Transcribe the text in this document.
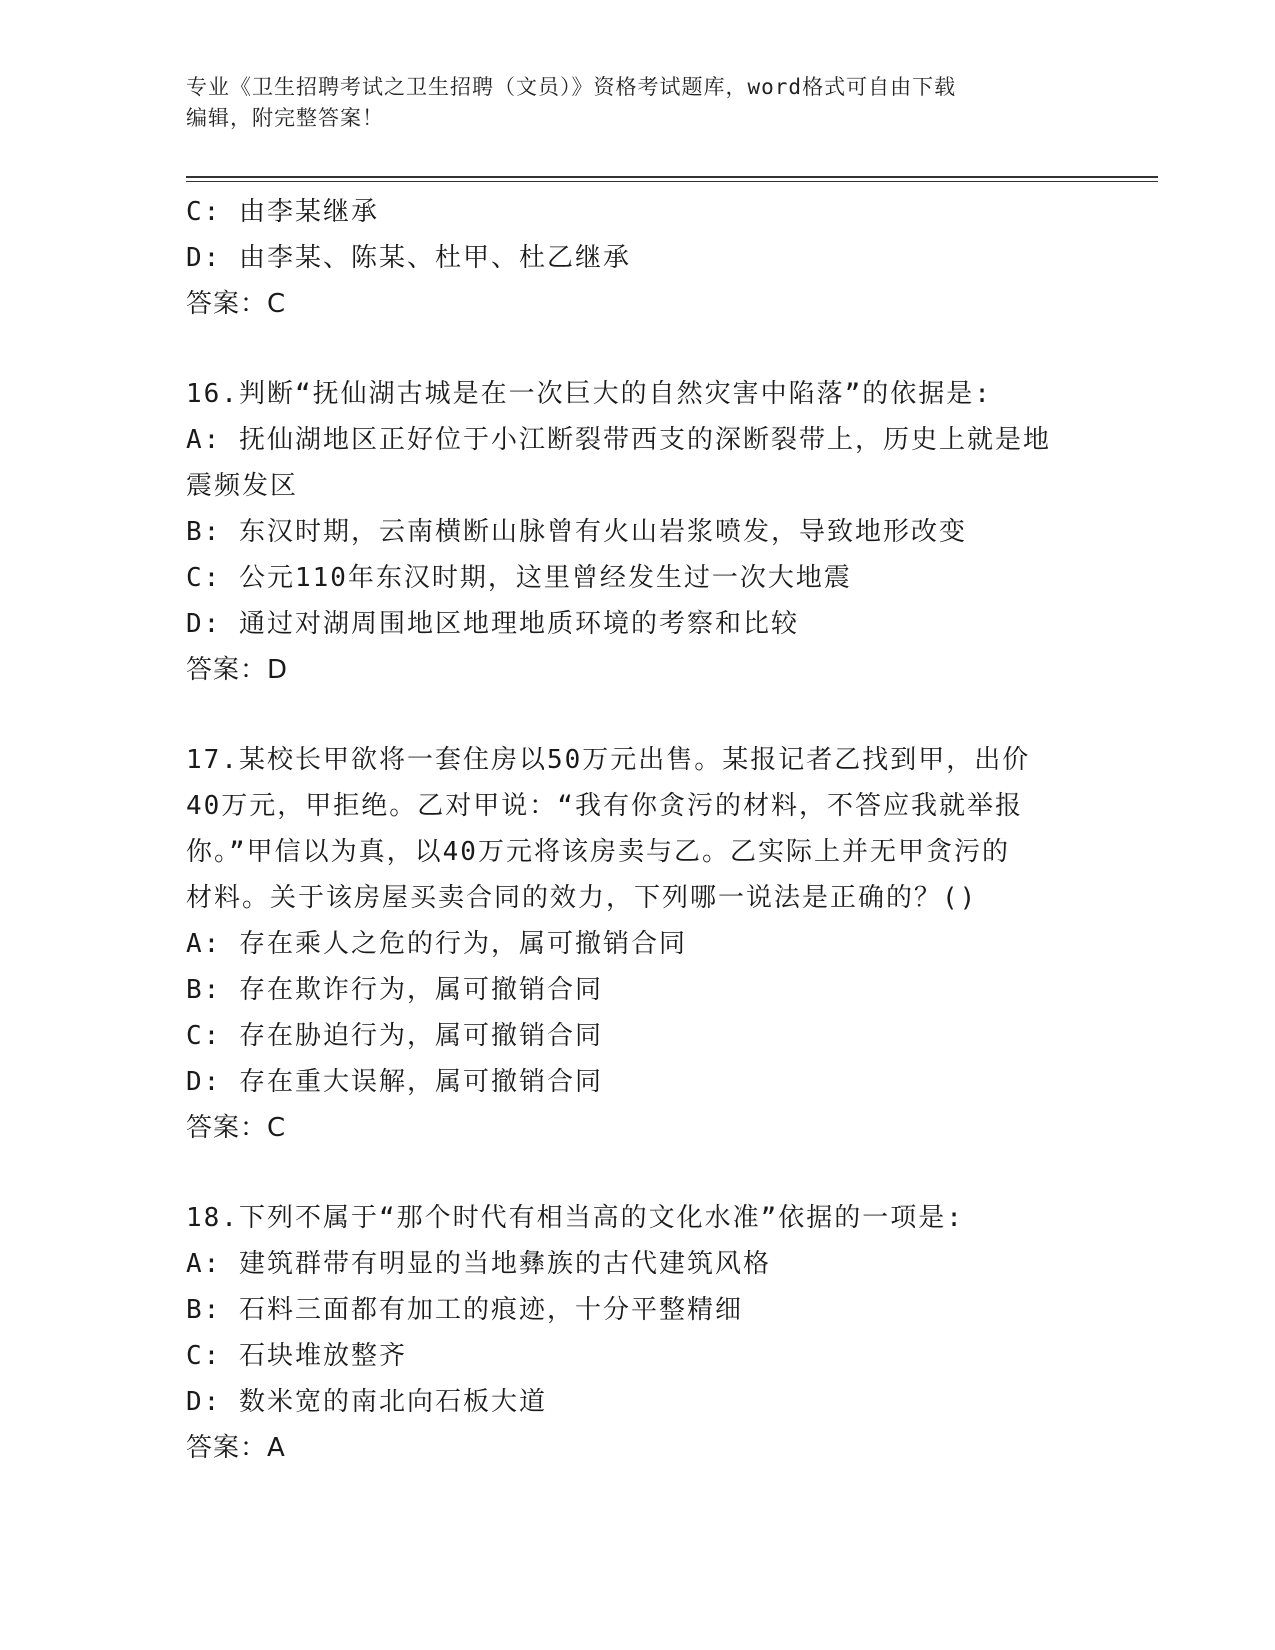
专业《卫生招聘考试之卫生招聘（文员）》资格考试题库，word格式可自由下载
编辑，附完整答案！
C: 由李某继承
D: 由李某、陈某、杜甲、杜乙继承
答案：C
16.判断“抚仙湖古城是在一次巨大的自然灾害中陷落”的依据是:
A: 抚仙湖地区正好位于小江断裂带西支的深断裂带上，历史上就是地
震频发区
B: 东汉时期，云南横断山脉曾有火山岩浆喷发，导致地形改变
C: 公元110年东汉时期，这里曾经发生过一次大地震
D: 通过对湖周围地区地理地质环境的考察和比较
答案：D
17.某校长甲欲将一套住房以50万元出售。某报记者乙找到甲，出价
40万元，甲拒绝。乙对甲说：“我有你贪污的材料，不答应我就举报
你。”甲信以为真，以40万元将该房卖与乙。乙实际上并无甲贪污的
材料。关于该房屋买卖合同的效力，下列哪一说法是正确的？()
A: 存在乘人之危的行为，属可撤销合同
B: 存在欺诈行为，属可撤销合同
C: 存在胁迫行为，属可撤销合同
D: 存在重大误解，属可撤销合同
答案：C
18.下列不属于“那个时代有相当高的文化水准”依据的一项是:
A: 建筑群带有明显的当地彝族的古代建筑风格
B: 石料三面都有加工的痕迹，十分平整精细
C: 石块堆放整齐
D: 数米宽的南北向石板大道
答案：A
